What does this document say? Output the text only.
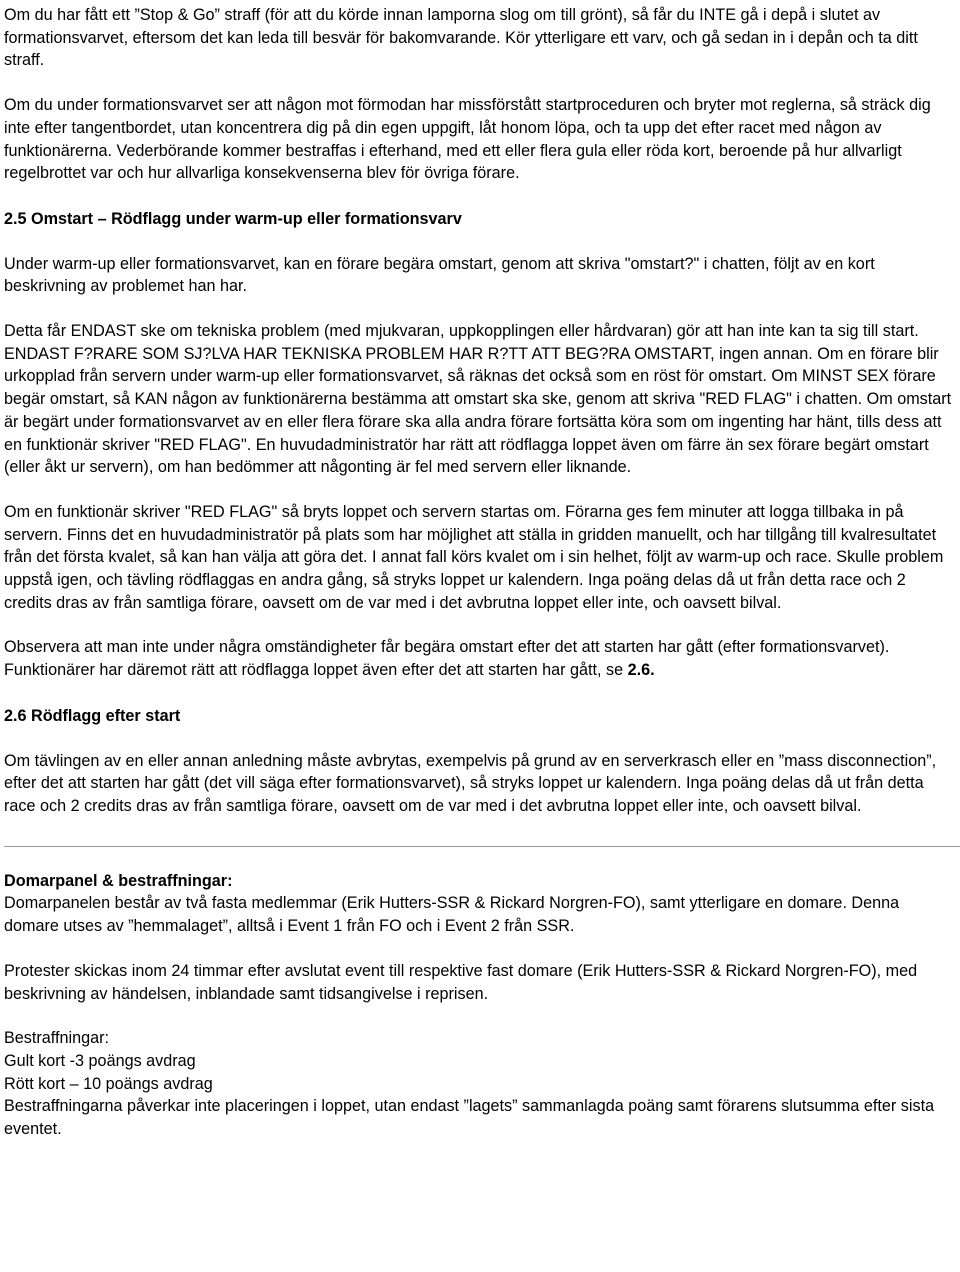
Om du har fått ett ”Stop & Go” straff (för att du körde innan lamporna slog om till grönt), så får du INTE gå i depå i slutet av formationsvarvet, eftersom det kan leda till besvär för bakomvarande. Kör ytterligare ett varv, och gå sedan in i depån och ta ditt straff.

Om du under formationsvarvet ser att någon mot förmodan har missförstått startproceduren och bryter mot reglerna, så sträck dig inte efter tangentbordet, utan koncentrera dig på din egen uppgift, låt honom löpa, och ta upp det efter racet med någon av funktionärerna. Vederbörande kommer bestraffas i efterhand, med ett eller flera gula eller röda kort, beroende på hur allvarligt regelbrottet var och hur allvarliga konsekvenserna blev för övriga förare.

2.5 Omstart – Rödflagg under warm-up eller formationsvarv

Under warm-up eller formationsvarvet, kan en förare begära omstart, genom att skriva "omstart?" i chatten, följt av en kort beskrivning av problemet han har.

Detta får ENDAST ske om tekniska problem (med mjukvaran, uppkopplingen eller hårdvaran) gör att han inte kan ta sig till start. ENDAST F?RARE SOM SJ?LVA HAR TEKNISKA PROBLEM HAR R?TT ATT BEG?RA OMSTART, ingen annan. Om en förare blir urkopplad från servern under warm-up eller formationsvarvet, så räknas det också som en röst för omstart. Om MINST SEX förare begär omstart, så KAN någon av funktionärerna bestämma att omstart ska ske, genom att skriva "RED FLAG" i chatten. Om omstart är begärt under formationsvarvet av en eller flera förare ska alla andra förare fortsätta köra som om ingenting har hänt, tills dess att en funktionär skriver "RED FLAG". En huvudadministratör har rätt att rödflagga loppet även om färre än sex förare begärt omstart (eller åkt ur servern), om han bedömmer att någonting är fel med servern eller liknande.

Om en funktionär skriver "RED FLAG" så bryts loppet och servern startas om. Förarna ges fem minuter att logga tillbaka in på servern. Finns det en huvudadministratör på plats som har möjlighet att ställa in gridden manuellt, och har tillgång till kvalresultatet från det första kvalet, så kan han välja att göra det. I annat fall körs kvalet om i sin helhet, följt av warm-up och race. Skulle problem uppstå igen, och tävling rödflaggas en andra gång, så stryks loppet ur kalendern. Inga poäng delas då ut från detta race och 2 credits dras av från samtliga förare, oavsett om de var med i det avbrutna loppet eller inte, och oavsett bilval.

Observera att man inte under några omständigheter får begära omstart efter det att starten har gått (efter formationsvarvet). Funktionärer har däremot rätt att rödflagga loppet även efter det att starten har gått, se 2.6.

2.6 Rödflagg efter start

Om tävlingen av en eller annan anledning måste avbrytas, exempelvis på grund av en serverkrasch eller en ”mass disconnection”, efter det att starten har gått (det vill säga efter formationsvarvet), så stryks loppet ur kalendern. Inga poäng delas då ut från detta race och 2 credits dras av från samtliga förare, oavsett om de var med i det avbrutna loppet eller inte, och oavsett bilval.

Domarpanel & bestraffningar:

Domarpanelen består av två fasta medlemmar (Erik Hutters-SSR & Rickard Norgren-FO), samt ytterligare en domare. Denna domare utses av ”hemmalaget”, alltså i Event 1 från FO och i Event 2 från SSR.

Protester skickas inom 24 timmar efter avslutat event till respektive fast domare (Erik Hutters-SSR & Rickard Norgren-FO), med beskrivning av händelsen, inblandade samt tidsangivelse i reprisen.

Bestraffningar:

Gult kort -3 poängs avdrag

Rött kort – 10 poängs avdrag

Bestraffningarna påverkar inte placeringen i loppet, utan endast ”lagets” sammanlagda poäng samt förarens slutsumma efter sista eventet.
